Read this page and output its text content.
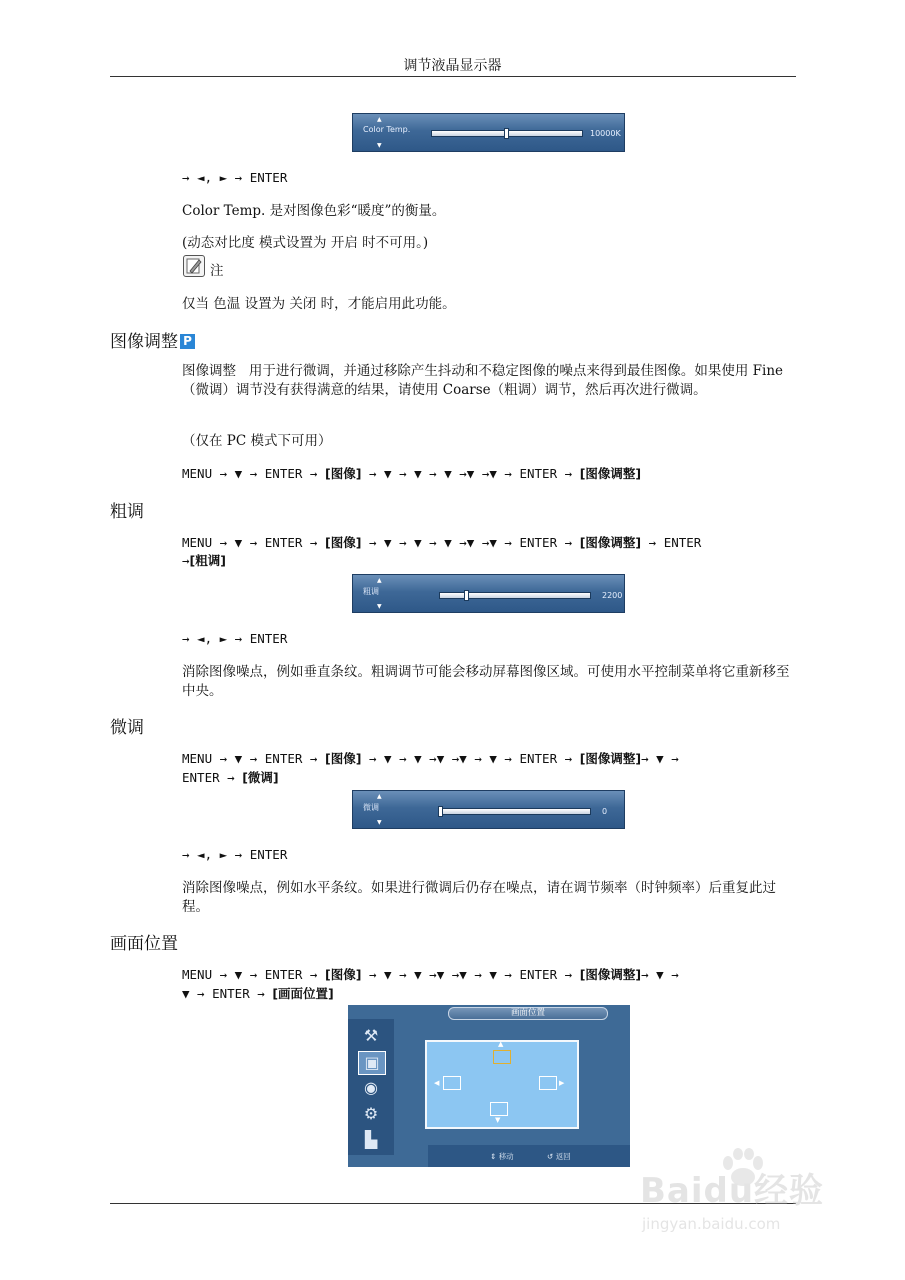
调节液晶显示器
▲
Color Temp.
▼
10000K
→ ◄, ► → ENTER
Color Temp. 是对图像色彩“暖度”的衡量。
(动态对比度 模式设置为 开启 时不可用。)
注
仅当 色温 设置为 关闭 时，才能启用此功能。
图像调整 P
图像调整 用于进行微调，并通过移除产生抖动和不稳定图像的噪点来得到最佳图像。如果使用 Fine（微调）调节没有获得满意的结果，请使用 Coarse（粗调）调节，然后再次进行微调。
（仅在 PC 模式下可用）
MENU → ▼ → ENTER → [图像] → ▼ → ▼ → ▼ →▼ →▼ → ENTER → [图像调整]
粗调
MENU → ▼ → ENTER → [图像] → ▼ → ▼ → ▼ →▼ →▼ → ENTER → [图像调整] → ENTER
→[粗调]
▲
粗调
▼
2200
→ ◄, ► → ENTER
消除图像噪点，例如垂直条纹。粗调调节可能会移动屏幕图像区域。可使用水平控制菜单将它重新移至中央。
微调
MENU → ▼ → ENTER → [图像] → ▼ → ▼ →▼ →▼ → ▼ → ENTER → [图像调整]→ ▼ →
ENTER → [微调]
▲
微调
▼
0
→ ◄, ► → ENTER
消除图像噪点，例如水平条纹。如果进行微调后仍存在噪点，请在调节频率（时钟频率）后重复此过程。
画面位置
MENU → ▼ → ENTER → [图像] → ▼ → ▼ →▼ →▼ → ▼ → ENTER → [图像调整]→ ▼ →
▼ → ENTER → [画面位置]
画面位置
⚒
▣
◉
⚙
▙
▲
◀	▶
▼
⇕ 移动	↺ 返回
Baidu经验
jingyan.baidu.com
